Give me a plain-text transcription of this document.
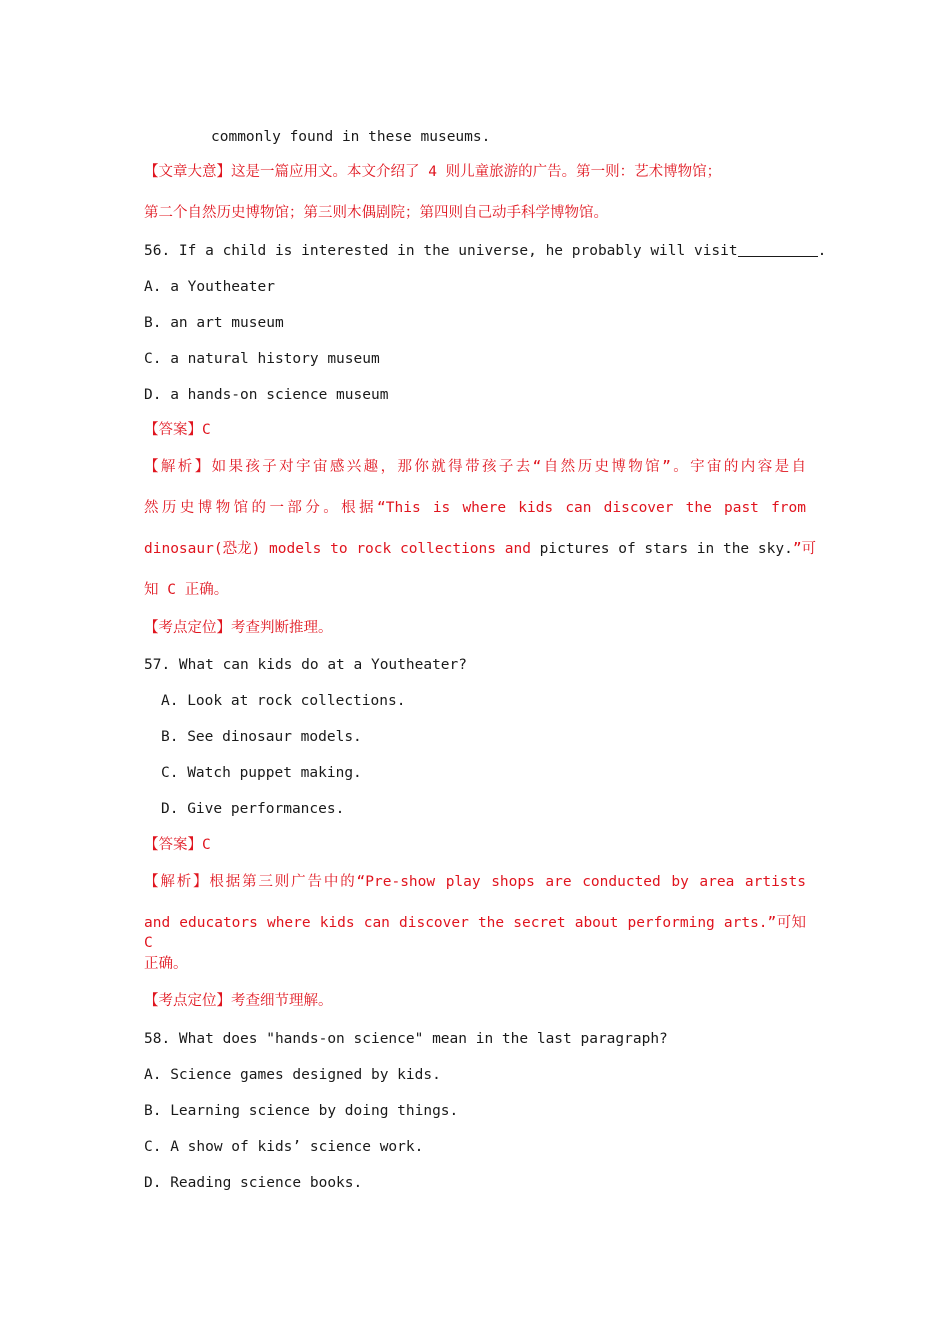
commonly found in these museums.
【文章大意】这是一篇应用文。本文介绍了 4 则儿童旅游的广告。第一则：艺术博物馆；
第二个自然历史博物馆；第三则木偶剧院；第四则自己动手科学博物馆。
56. If a child is interested in the universe, he probably will visit	.
A. a Youtheater
B. an art museum
C. a natural history museum
D. a hands-on science museum
【答案】C
【解析】如果孩子对宇宙感兴趣，那你就得带孩子去“自然历史博物馆”。宇宙的内容是自
然历史博物馆的一部分。根据“This is where kids can discover the past from
dinosaur(恐龙) models to rock collections and pictures of stars in the sky.”可
知 C 正确。
【考点定位】考查判断推理。
57. What can kids do at a Youtheater?
A. Look at rock collections.
B. See dinosaur models.
C. Watch puppet making.
D. Give performances.
【答案】C
【解析】根据第三则广告中的“Pre-show play shops are conducted by area artists
and educators where kids can discover the secret about performing arts.”可知 C
正确。
【考点定位】考查细节理解。
58. What does "hands-on science" mean in the last paragraph?
A. Science games designed by kids.
B. Learning science by doing things.
C. A show of kids’ science work.
D. Reading science books.
